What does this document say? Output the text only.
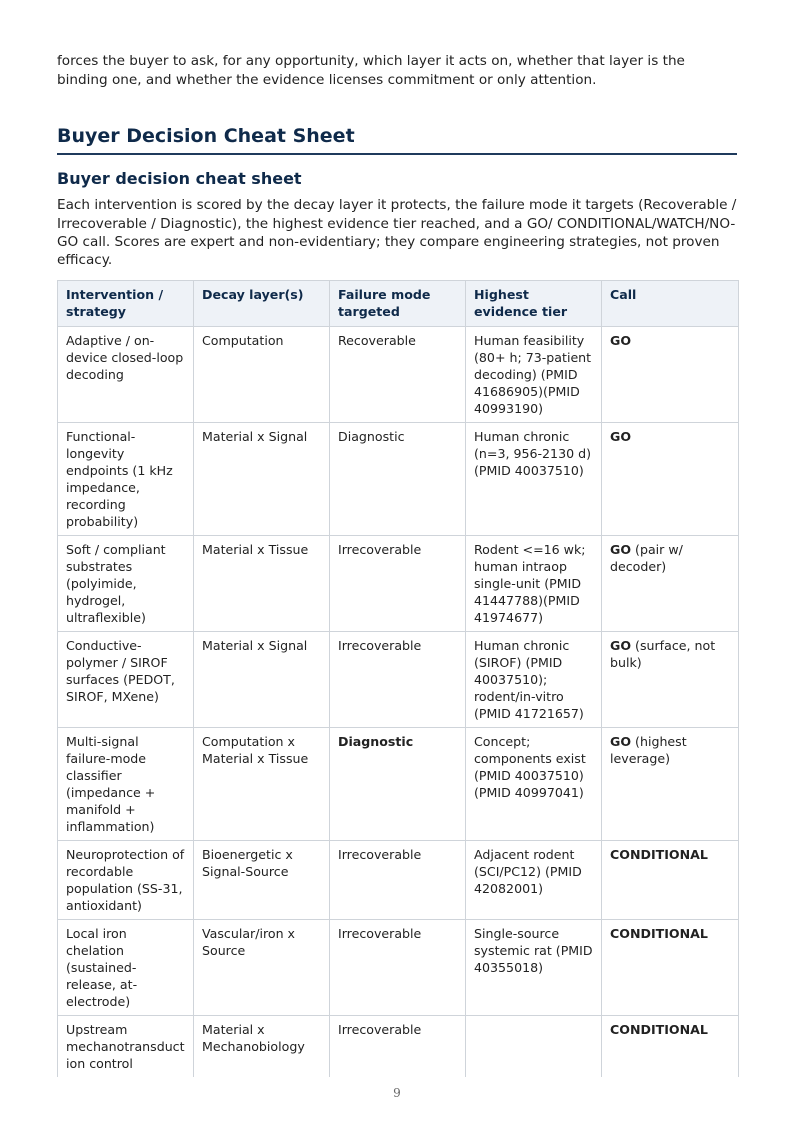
forces the buyer to ask, for any opportunity, which layer it acts on, whether that layer is the binding one, and whether the evidence licenses commitment or only attention.

Buyer Decision Cheat Sheet
Buyer decision cheat sheet

Each intervention is scored by the decay layer it protects, the failure mode it targets (Recoverable / Irrecoverable / Diagnostic), the highest evidence tier reached, and a GO/ CONDITIONAL/WATCH/NO-GO call. Scores are expert and non-evidentiary; they compare engineering strategies, not proven efficacy.

Intervention / strategy	Decay layer(s)	Failure mode targeted	Highest evidence tier	Call
Adaptive / on-device closed-loop decoding	Computation	Recoverable	Human feasibility (80+ h; 73-patient decoding) (PMID 41686905)(PMID 40993190)	GO
Functional-longevity endpoints (1 kHz impedance, recording probability)	Material x Signal	Diagnostic	Human chronic (n=3, 956-2130 d) (PMID 40037510)	GO
Soft / compliant substrates (polyimide, hydrogel, ultraflexible)	Material x Tissue	Irrecoverable	Rodent <=16 wk; human intraop single-unit (PMID 41447788)(PMID 41974677)	GO (pair w/ decoder)
Conductive-polymer / SIROF surfaces (PEDOT, SIROF, MXene)	Material x Signal	Irrecoverable	Human chronic (SIROF) (PMID 40037510); rodent/in-vitro (PMID 41721657)	GO (surface, not bulk)
Multi-signal failure-mode classifier (impedance + manifold + inflammation)	Computation x Material x Tissue	Diagnostic	Concept; components exist (PMID 40037510) (PMID 40997041)	GO (highest leverage)
Neuroprotection of recordable population (SS-31, antioxidant)	Bioenergetic x Signal-Source	Irrecoverable	Adjacent rodent (SCI/PC12) (PMID 42082001)	CONDITIONAL
Local iron chelation (sustained-release, at-electrode)	Vascular/iron x Source	Irrecoverable	Single-source systemic rat (PMID 40355018)	CONDITIONAL
Upstream mechanotransduct ion control	Material x Mechanobiology	Irrecoverable		CONDITIONAL
9
